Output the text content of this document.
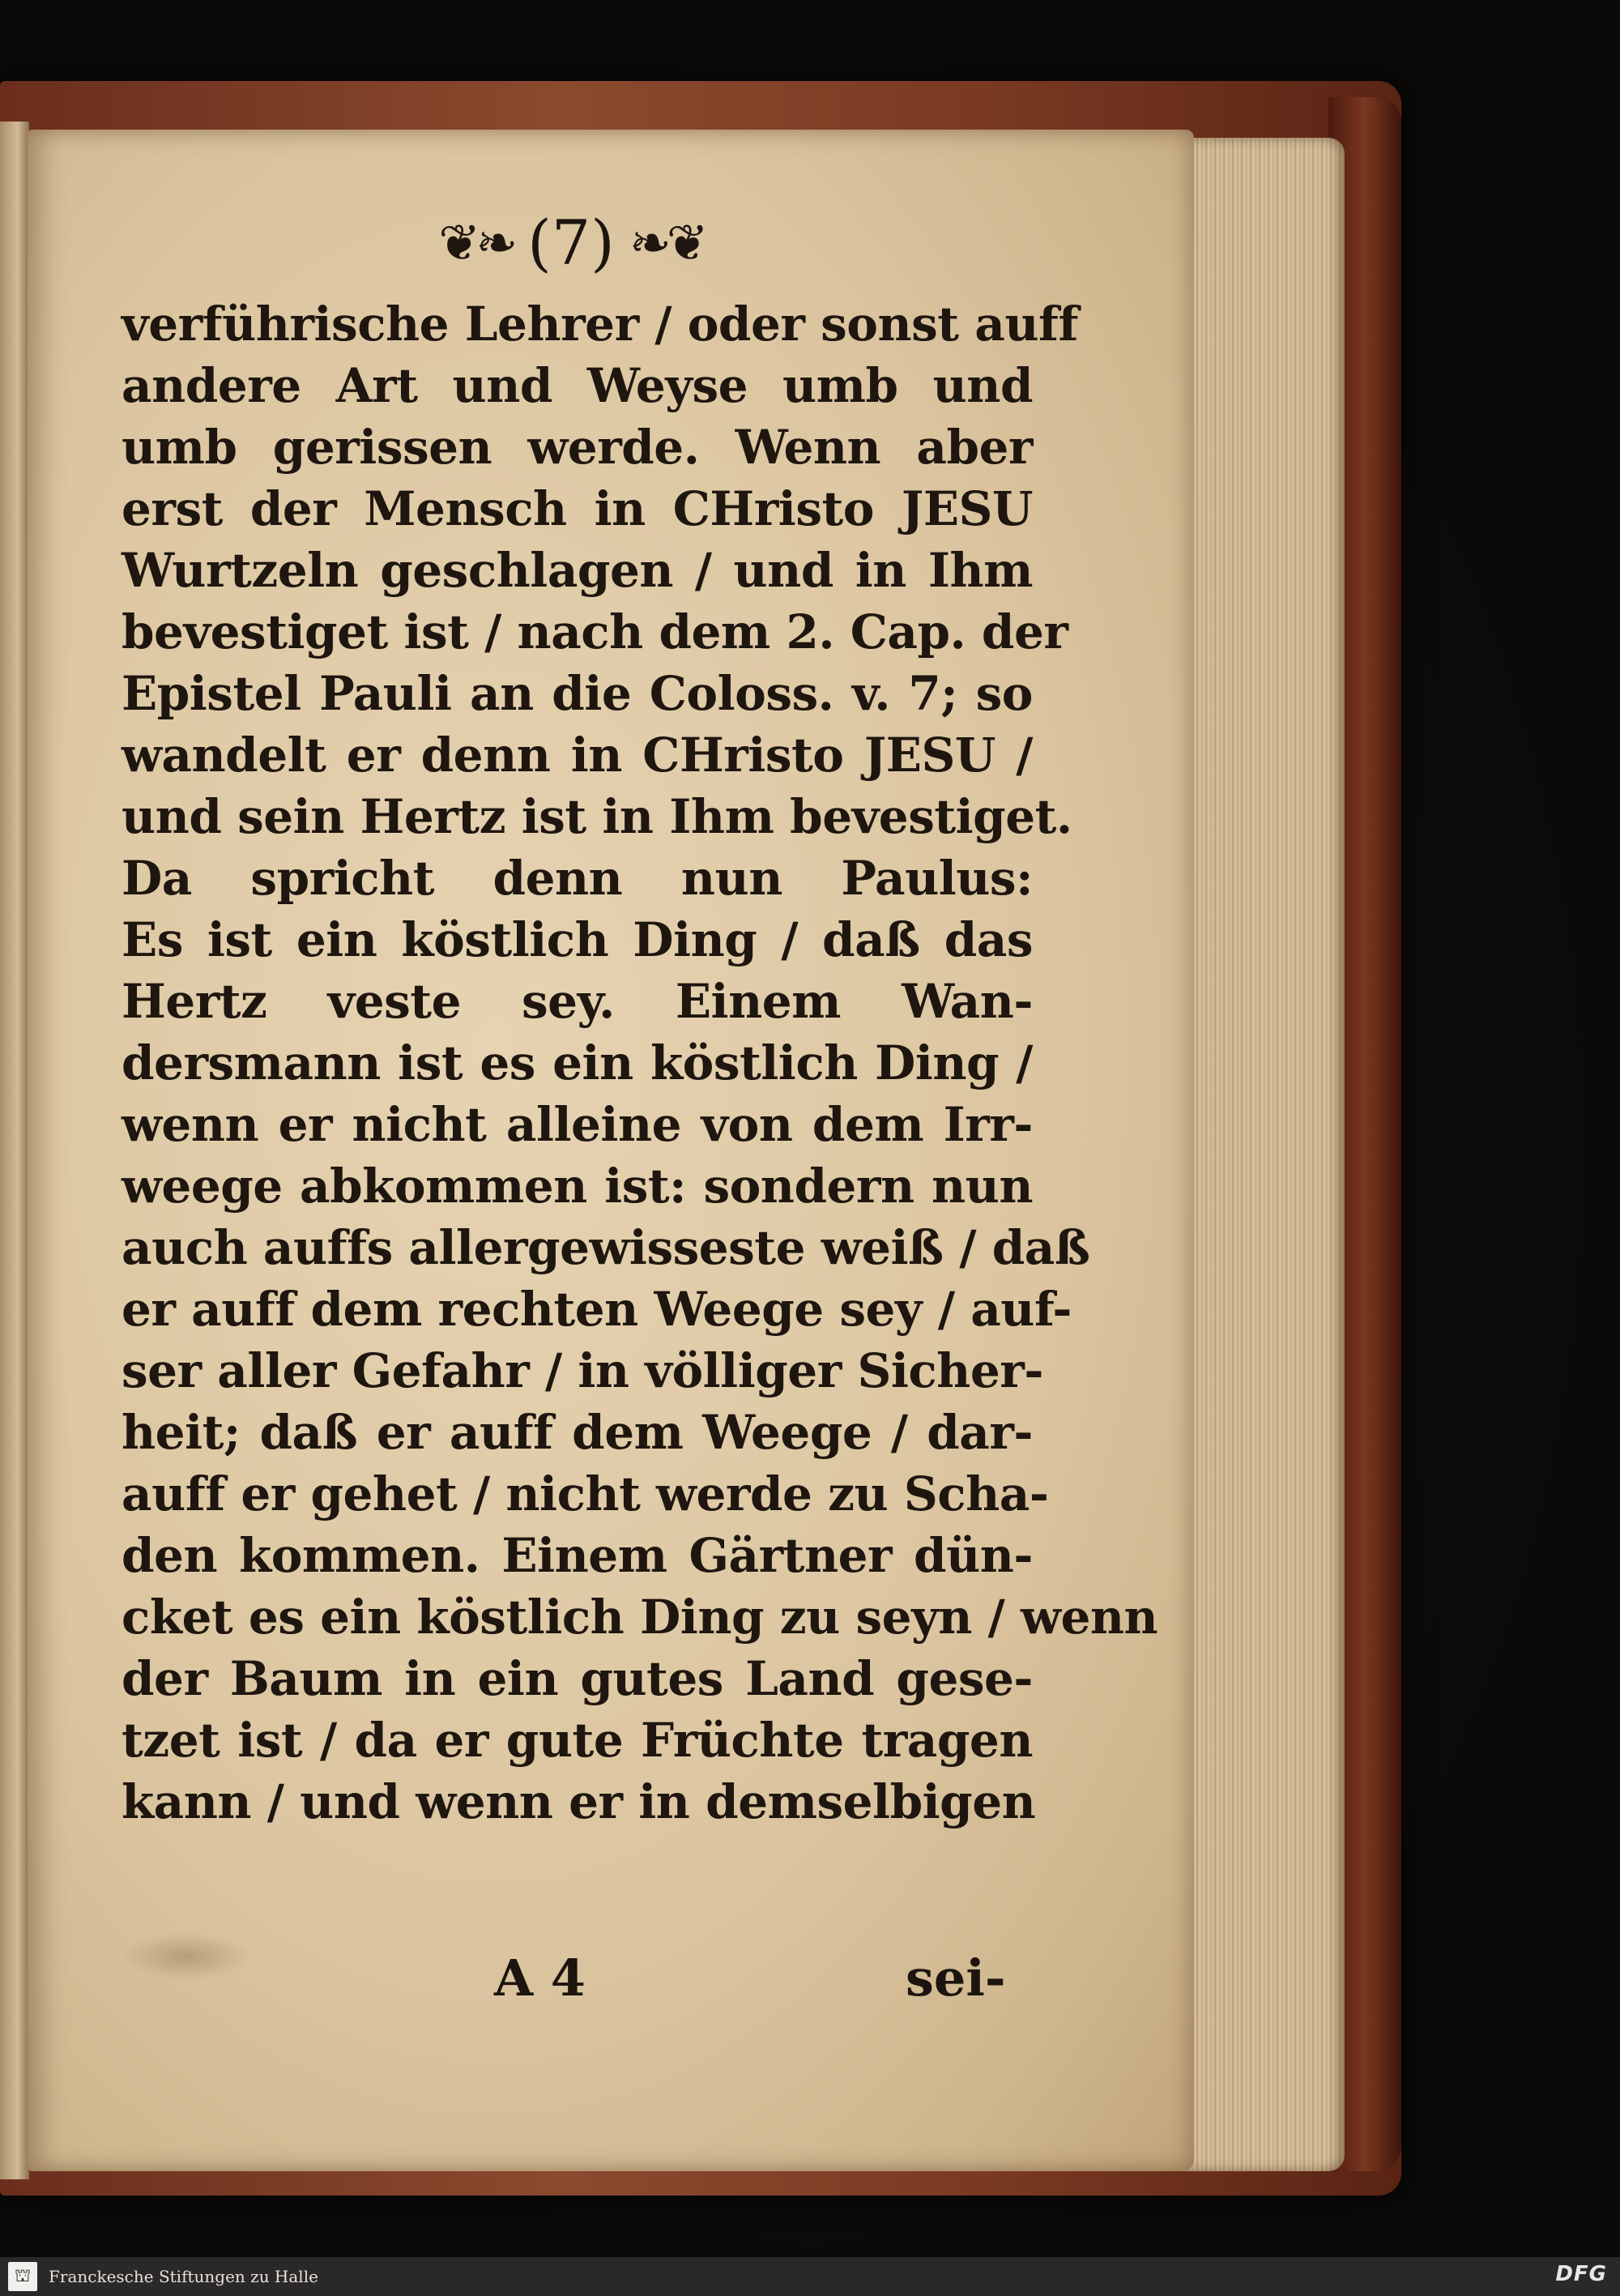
❦❧ (7) ❧❦
verführische Lehrer / oder sonst auff
andere Art und Weyse umb und
umb gerissen werde. Wenn aber
erst der Mensch in CHristo JESU
Wurtzeln geschlagen / und in Ihm
bevestiget ist / nach dem 2. Cap. der
Epistel Pauli an die Coloss. v. 7; so
wandelt er denn in CHristo JESU /
und sein Hertz ist in Ihm bevestiget.
Da spricht denn nun Paulus:
Es ist ein köstlich Ding / daß das
Hertz veste sey. Einem Wan-
dersmann ist es ein köstlich Ding /
wenn er nicht alleine von dem Irr-
weege abkommen ist: sondern nun
auch auffs allergewisseste weiß / daß
er auff dem rechten Weege sey / auf-
ser aller Gefahr / in völliger Sicher-
heit; daß er auff dem Weege / dar-
auff er gehet / nicht werde zu Scha-
den kommen. Einem Gärtner dün-
cket es ein köstlich Ding zu seyn / wenn
der Baum in ein gutes Land gese-
tzet ist / da er gute Früchte tragen
kann / und wenn er in demselbigen
A 4	sei-
⛫	Franckesche Stiftungen zu Halle	DFG
